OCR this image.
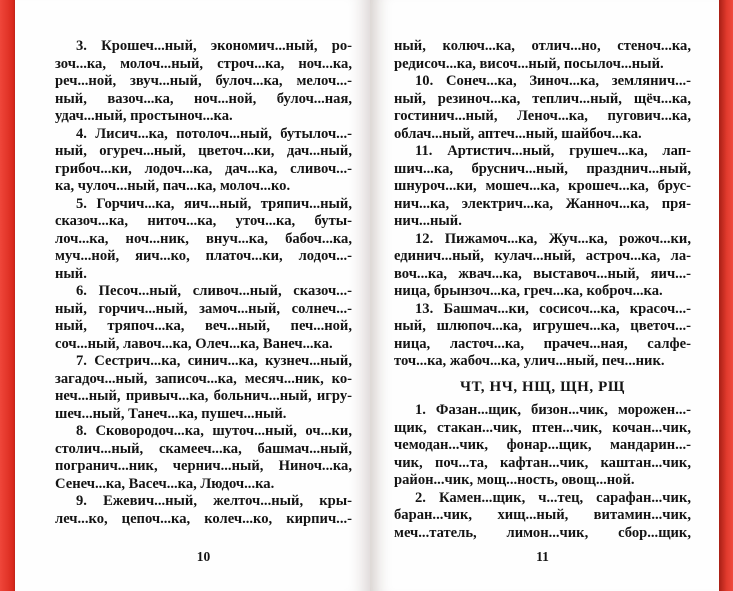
3. Крошеч...ный, экономич...ный, ро-
зоч...ка, молоч...ный, строч...ка, ноч...ка,
реч...ной, звуч...ный, булоч...ка, мелоч...-
ный, вазоч...ка, ноч...ной, булоч...ная,
удач...ный, простыноч...ка.
4. Лисич...ка, потолоч...ный, бутылоч...-
ный, огуреч...ный, цветоч...ки, дач...ный,
грибоч...ки, лодоч...ка, дач...ка, сливоч...-
ка, чулоч...ный, пач...ка, молоч...ко.
5. Горчич...ка, яич...ный, тряпич...ный,
сказоч...ка, ниточ...ка, уточ...ка, буты-
лоч...ка, ноч...ник, внуч...ка, бабоч...ка,
муч...ной, яич...ко, платоч...ки, лодоч...-
ный.
6. Песоч...ный, сливоч...ный, сказоч...-
ный, горчич...ный, замоч...ный, солнеч...-
ный, тряпоч...ка, веч...ный, печ...ной,
соч...ный, лавоч...ка, Олеч...ка, Ванеч...ка.
7. Сестрич...ка, синич...ка, кузнеч...ный,
загадоч...ный, записоч...ка, месяч...ник, ко-
неч...ный, привыч...ка, больнич...ный, игру-
шеч...ный, Танеч...ка, пушеч...ный.
8. Сковородоч...ка, шуточ...ный, оч...ки,
столич...ный, скамееч...ка, башмач...ный,
погранич...ник, чернич...ный, Ниноч...ка,
Сенеч...ка, Васеч...ка, Людоч...ка.
9. Ежевич...ный, желточ...ный, кры-
леч...ко, цепоч...ка, колеч...ко, кирпич...-
10
ный, колюч...ка, отлич...но, стеноч...ка,
редисоч...ка, височ...ный, посылоч...ный.
10. Сонеч...ка, Зиноч...ка, землянич...-
ный, резиноч...ка, теплич...ный, щёч...ка,
гостинич...ный, Леноч...ка, пугович...ка,
облач...ный, аптеч...ный, шайбоч...ка.
11. Артистич...ный, грушеч...ка, лап-
шич...ка, бруснич...ный, празднич...ный,
шнуроч...ки, мошеч...ка, крошеч...ка, брус-
нич...ка, электрич...ка, Жанноч...ка, пря-
нич...ный.
12. Пижамоч...ка, Жуч...ка, рожоч...ки,
единич...ный, кулач...ный, астроч...ка, ла-
воч...ка, жвач...ка, выставоч...ный, яич...-
ница, брынзоч...ка, греч...ка, коброч...ка.
13. Башмач...ки, сосисоч...ка, красоч...-
ный, шлюпоч...ка, игрушеч...ка, цветоч...-
ница, ласточ...ка, прачеч...ная, салфе-
точ...ка, жабоч...ка, улич...ный, печ...ник.
ЧТ, НЧ, НЩ, ЩН, РЩ
1. Фазан...щик, бизон...чик, морожен...-
щик, стакан...чик, птен...чик, кочан...чик,
чемодан...чик, фонар...щик, мандарин...-
чик, поч...та, кафтан...чик, каштан...чик,
район...чик, мощ...ность, овощ...ной.
2. Камен...щик, ч...тец, сарафан...чик,
баран...чик, хищ...ный, витамин...чик,
меч...татель, лимон...чик, сбор...щик,
11
